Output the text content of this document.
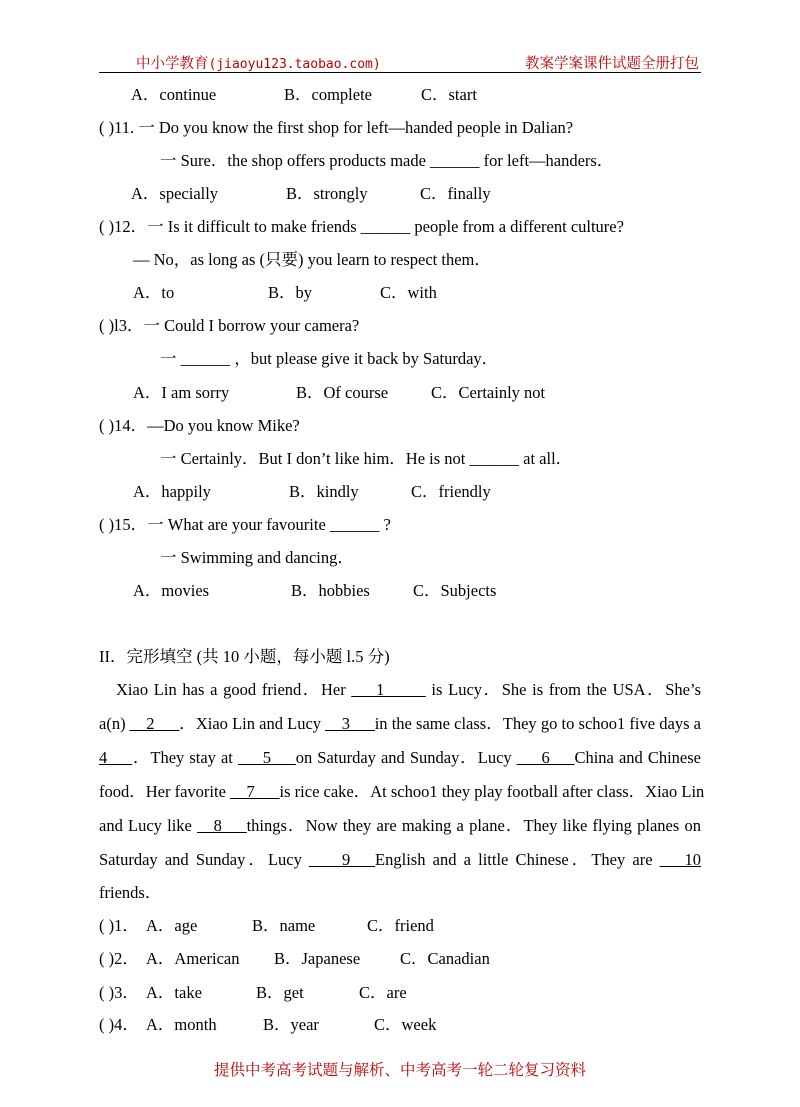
中小学教育(jiaoyu123.taobao.com)	教案学案课件试题全册打包
A．continue	B．complete	C．start
( )11. 一 Do you know the first shop for left—handed people in Dalian?
一 Sure．the shop offers products made ______ for left—handers．
A．specially	B．strongly	C．finally
( )12．一 Is it difficult to make friends ______ people from a different culture?
— No，as long as (只要) you learn to respect them．
A．to	B．by	C．with
( )l3．一 Could I borrow your camera?
一 ______ ，but please give it back by Saturday．
A．I am sorry	B．Of course	C．Certainly not
( )14．—Do you know Mike?
一 Certainly．But I don’t like him．He is not ______ at all．
A．happily	B．kindly	C．friendly
( )15．一 What are your favourite ______ ?
一 Swimming and dancing．
A．movies	B．hobbies	C．Subjects
II．完形填空 (共 10 小题，每小题 l.5 分)
Xiao Lin has a good friend．Her ___1_____ is Lucy．She is from the USA．She’s
a(n) __2___．Xiao Lin and Lucy __3___in the same class．They go to schoo1 five days a
4___．They stay at ___5___on Saturday and Sunday．Lucy ___6___China and Chinese
food．Her favorite __7___is rice cake．At schoo1 they play football after class．Xiao Lin
and Lucy like __8___things．Now they are making a plane．They like flying planes on
Saturday and Sunday．Lucy ____9___English and a little Chinese．They are ___10
friends．
( )1． A．age	B．name	C．friend
( )2． A．American B．Japanese C．Canadian
( )3． A．take	B．get	C．are
( )4． A．month	B．year	C．week
提供中考高考试题与解析、中考高考一轮二轮复习资料
